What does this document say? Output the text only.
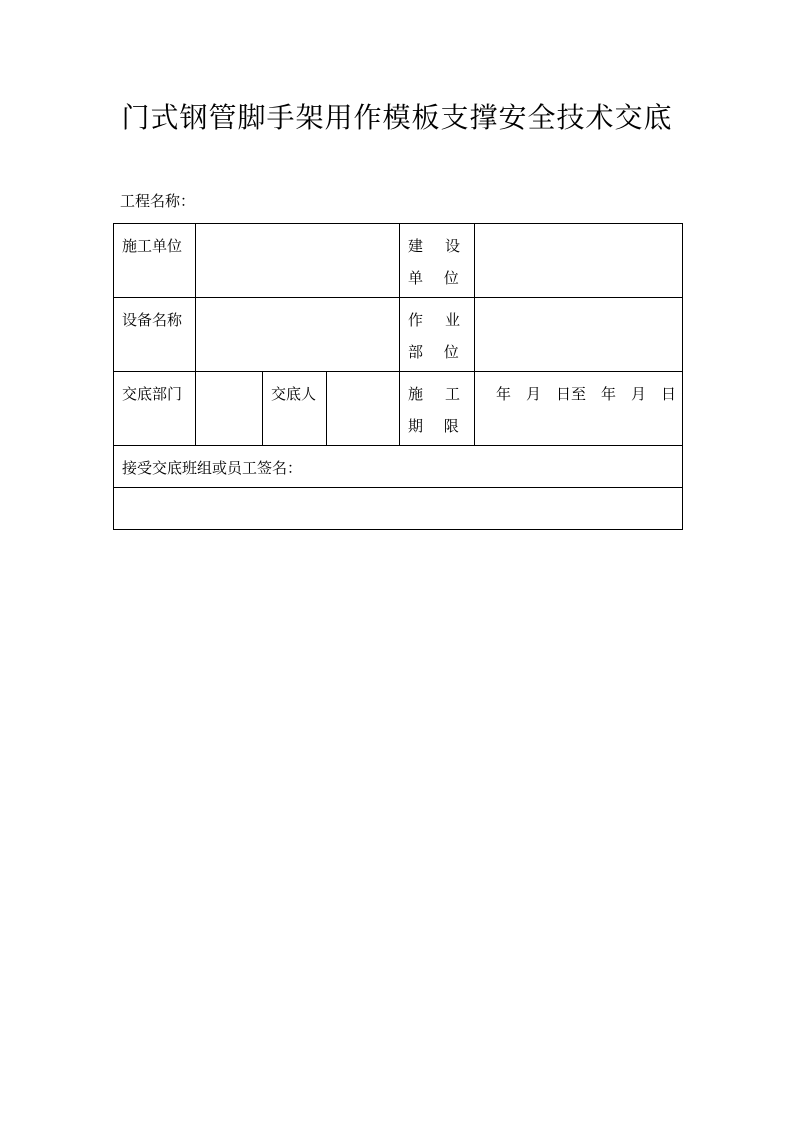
门式钢管脚手架用作模板支撑安全技术交底
工程名称：
施工单位				建 设 单 位	
设备名称				作 业 部 位	
交底部门		交底人		施 工 期 限	年　月　日至　年　月　日
接受交底班组或员工签名：					
